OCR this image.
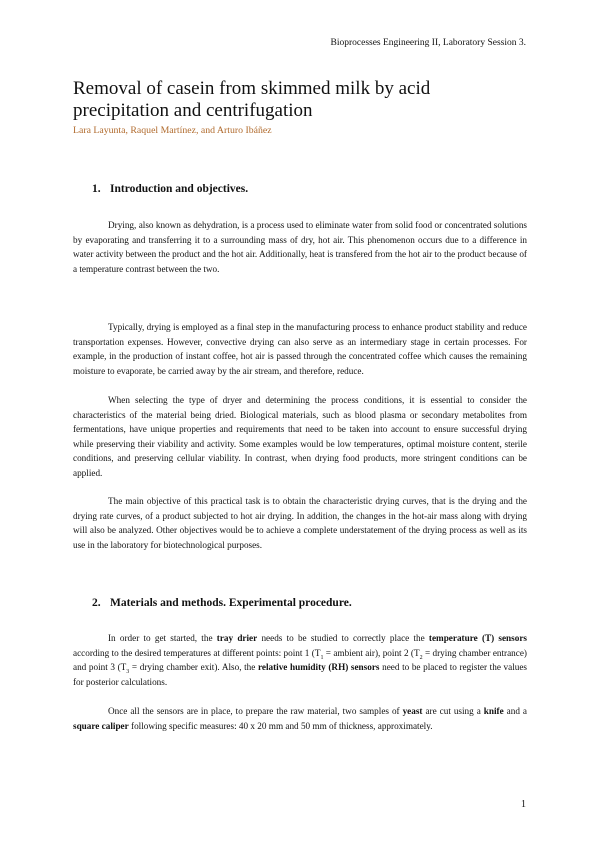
Bioprocesses Engineering II, Laboratory Session 3.
Removal of casein from skimmed milk by acid precipitation and centrifugation
Lara Layunta, Raquel Martínez, and Arturo Ibáñez
1. Introduction and objectives.

Drying, also known as dehydration, is a process used to eliminate water from solid food or concentrated solutions by evaporating and transferring it to a surrounding mass of dry, hot air. This phenomenon occurs due to a difference in water activity between the product and the hot air. Additionally, heat is transfered from the hot air to the product because of a temperature contrast between the two.

Typically, drying is employed as a final step in the manufacturing process to enhance product stability and reduce transportation expenses. However, convective drying can also serve as an intermediary stage in certain processes. For example, in the production of instant coffee, hot air is passed through the concentrated coffee which causes the remaining moisture to evaporate, be carried away by the air stream, and therefore, reduce.

When selecting the type of dryer and determining the process conditions, it is essential to consider the characteristics of the material being dried. Biological materials, such as blood plasma or secondary metabolites from fermentations, have unique properties and requirements that need to be taken into account to ensure successful drying while preserving their viability and activity. Some examples would be low temperatures, optimal moisture content, sterile conditions, and preserving cellular viability. In contrast, when drying food products, more stringent conditions can be applied.

The main objective of this practical task is to obtain the characteristic drying curves, that is the drying and the drying rate curves, of a product subjected to hot air drying. In addition, the changes in the hot-air mass along with drying will also be analyzed. Other objectives would be to achieve a complete understatement of the drying process as well as its use in the laboratory for biotechnological purposes.

2. Materials and methods. Experimental procedure.

In order to get started, the tray drier needs to be studied to correctly place the temperature (T) sensors according to the desired temperatures at different points: point 1 ($T_1$ = ambient air), point 2 ($T_2$ = drying chamber entrance) and point 3 ($T_3$ = drying chamber exit). Also, the relative humidity (RH) sensors need to be placed to register the values for posterior calculations.

Once all the sensors are in place, to prepare the raw material, two samples of yeast are cut using a knife and a square caliper following specific measures: 40 x 20 mm and 50 mm of thickness, approximately.

1
